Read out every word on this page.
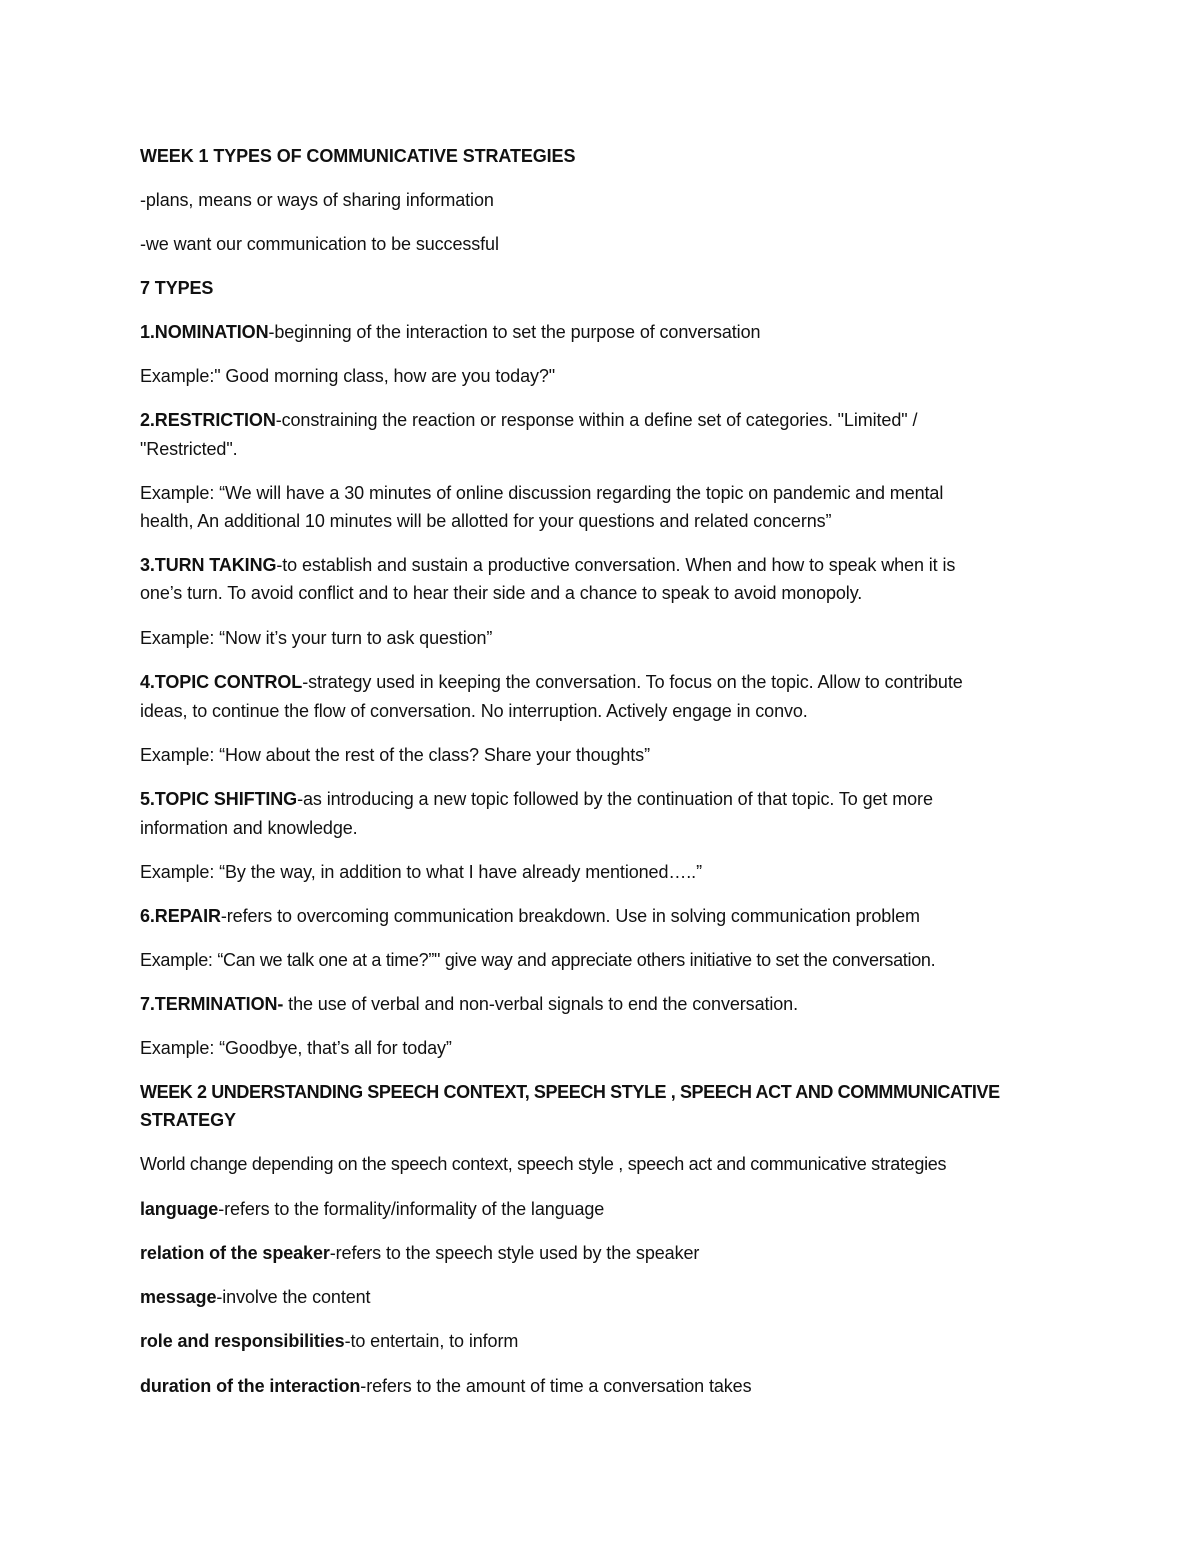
WEEK 1 TYPES OF COMMUNICATIVE STRATEGIES
-plans, means or ways of sharing information
-we want our communication to be successful
7 TYPES
1.NOMINATION-beginning of the interaction to set the purpose of conversation
Example:" Good morning class, how are you today?"
2.RESTRICTION-constraining the reaction or response within a define set of categories. "Limited" /
"Restricted".
Example: “We will have a 30 minutes of online discussion regarding the topic on pandemic and mental
health, An additional 10 minutes will be allotted for your questions and related concerns”
3.TURN TAKING-to establish and sustain a productive conversation. When and how to speak when it is
one’s turn. To avoid conflict and to hear their side and a chance to speak to avoid monopoly.
Example: “Now it’s your turn to ask question”
4.TOPIC CONTROL-strategy used in keeping the conversation. To focus on the topic. Allow to contribute
ideas, to continue the flow of conversation. No interruption. Actively engage in convo.
Example: “How about the rest of the class? Share your thoughts”
5.TOPIC SHIFTING-as introducing a new topic followed by the continuation of that topic. To get more
information and knowledge.
Example: “By the way, in addition to what I have already mentioned…..”
6.REPAIR-refers to overcoming communication breakdown. Use in solving communication problem
Example: “Can we talk one at a time?”" give way and appreciate others initiative to set the conversation.
7.TERMINATION- the use of verbal and non-verbal signals to end the conversation.
Example: “Goodbye, that’s all for today”
WEEK 2 UNDERSTANDING SPEECH CONTEXT, SPEECH STYLE , SPEECH ACT AND COMMMUNICATIVE
STRATEGY
World change depending on the speech context, speech style , speech act and communicative strategies
language-refers to the formality/informality of the language
relation of the speaker-refers to the speech style used by the speaker
message-involve the content
role and responsibilities-to entertain, to inform
duration of the interaction-refers to the amount of time a conversation takes
